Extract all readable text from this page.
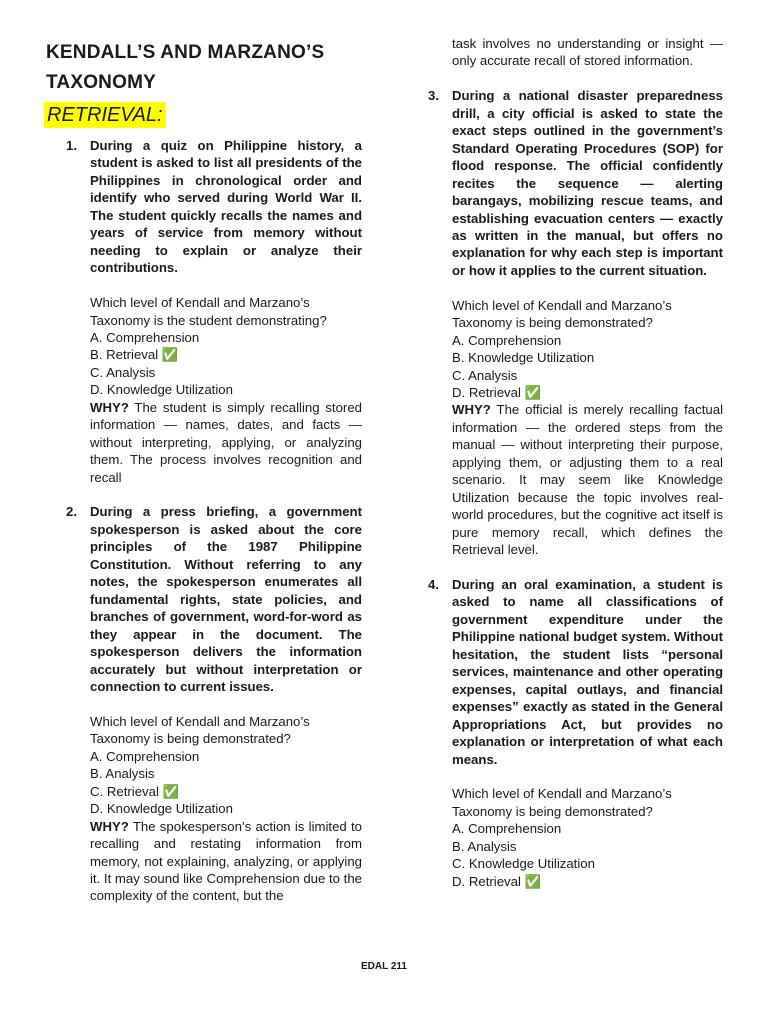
KENDALL’S AND MARZANO’S TAXONOMY
RETRIEVAL:
1. During a quiz on Philippine history, a student is asked to list all presidents of the Philippines in chronological order and identify who served during World War II. The student quickly recalls the names and years of service from memory without needing to explain or analyze their contributions.

Which level of Kendall and Marzano’s Taxonomy is the student demonstrating?

A. Comprehension

B. Retrieval ✅

C. Analysis

D. Knowledge Utilization

WHY? The student is simply recalling stored information — names, dates, and facts — without interpreting, applying, or analyzing them. The process involves recognition and recall

2. During a press briefing, a government spokesperson is asked about the core principles of the 1987 Philippine Constitution. Without referring to any notes, the spokesperson enumerates all fundamental rights, state policies, and branches of government, word-for-word as they appear in the document. The spokesperson delivers the information accurately but without interpretation or connection to current issues.

Which level of Kendall and Marzano’s Taxonomy is being demonstrated?

A. Comprehension

B. Analysis

C. Retrieval ✅

D. Knowledge Utilization

WHY? The spokesperson’s action is limited to recalling and restating information from memory, not explaining, analyzing, or applying it. It may sound like Comprehension due to the complexity of the content, but the

task involves no understanding or insight —only accurate recall of stored information.

3. During a national disaster preparedness drill, a city official is asked to state the exact steps outlined in the government’s Standard Operating Procedures (SOP) for flood response. The official confidently recites the sequence — alerting barangays, mobilizing rescue teams, and establishing evacuation centers — exactly as written in the manual, but offers no explanation for why each step is important or how it applies to the current situation.

Which level of Kendall and Marzano’s Taxonomy is being demonstrated?

A. Comprehension

B. Knowledge Utilization

C. Analysis

D. Retrieval ✅

WHY? The official is merely recalling factual information — the ordered steps from the manual — without interpreting their purpose, applying them, or adjusting them to a real scenario. It may seem like Knowledge Utilization because the topic involves real-world procedures, but the cognitive act itself is pure memory recall, which defines the Retrieval level.

4. During an oral examination, a student is asked to name all classifications of government expenditure under the Philippine national budget system. Without hesitation, the student lists “personal services, maintenance and other operating expenses, capital outlays, and financial expenses” exactly as stated in the General Appropriations Act, but provides no explanation or interpretation of what each means.

Which level of Kendall and Marzano’s Taxonomy is being demonstrated?

A. Comprehension

B. Analysis

C. Knowledge Utilization

D. Retrieval ✅

EDAL 211
